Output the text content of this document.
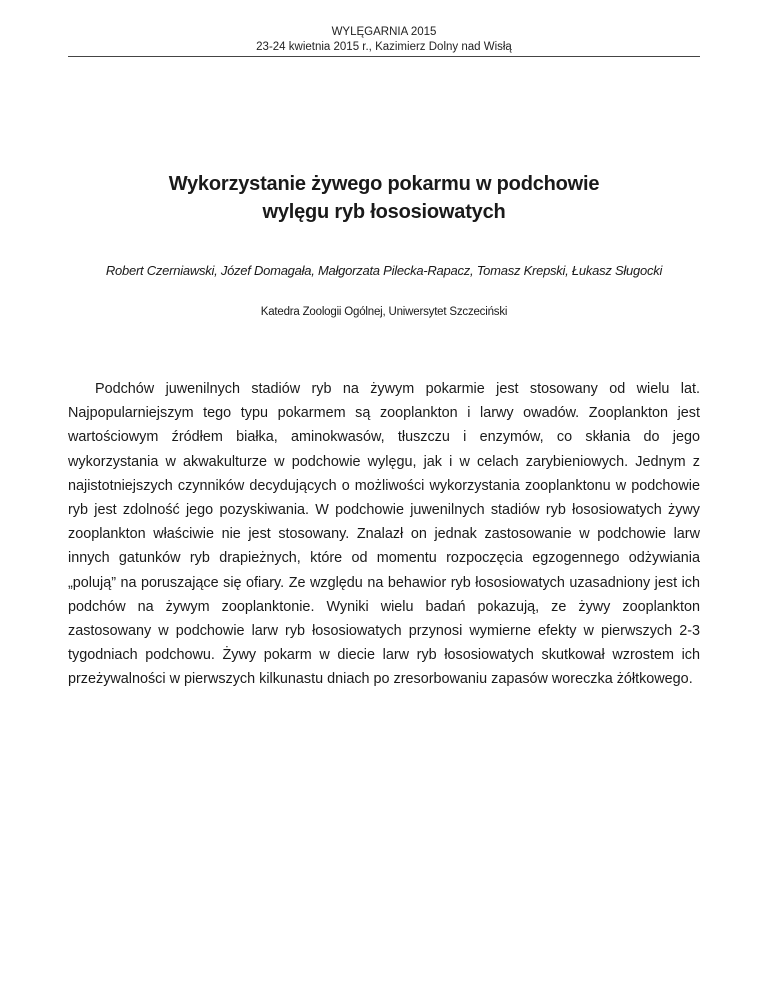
WYLĘGARNIA 2015
23-24 kwietnia 2015 r., Kazimierz Dolny nad Wisłą
Wykorzystanie żywego pokarmu w podchowie
wylęgu ryb łososiowatych
Robert Czerniawski, Józef Domagała, Małgorzata Pilecka-Rapacz, Tomasz Krepski, Łukasz Sługocki
Katedra Zoologii Ogólnej, Uniwersytet Szczeciński

Podchów juwenilnych stadiów ryb na żywym pokarmie jest stosowany od wielu lat. Najpopularniejszym tego typu pokarmem są zooplankton i larwy owadów. Zooplankton jest wartościowym źródłem białka, aminokwasów, tłuszczu i enzymów, co skłania do jego wykorzystania w akwakulturze w podchowie wylęgu, jak i w celach zarybieniowych. Jednym z najistotniejszych czynników decydujących o możliwości wykorzystania zooplanktonu w podchowie ryb jest zdolność jego pozyskiwania. W podchowie juwenilnych stadiów ryb łososiowatych żywy zooplankton właściwie nie jest stosowany. Znalazł on jednak zastosowanie w podchowie larw innych gatunków ryb drapieżnych, które od momentu rozpoczęcia egzogennego odżywiania „polują” na poruszające się ofiary. Ze względu na behawior ryb łososiowatych uzasadniony jest ich podchów na żywym zooplanktonie. Wyniki wielu badań pokazują, ze żywy zooplankton zastosowany w podchowie larw ryb łososiowatych przynosi wymierne efekty w pierwszych 2-3 tygodniach podchowu. Żywy pokarm w diecie larw ryb łososiowatych skutkował wzrostem ich przeżywalności w pierwszych kilkunastu dniach po zresorbowaniu zapasów woreczka żółtkowego.
